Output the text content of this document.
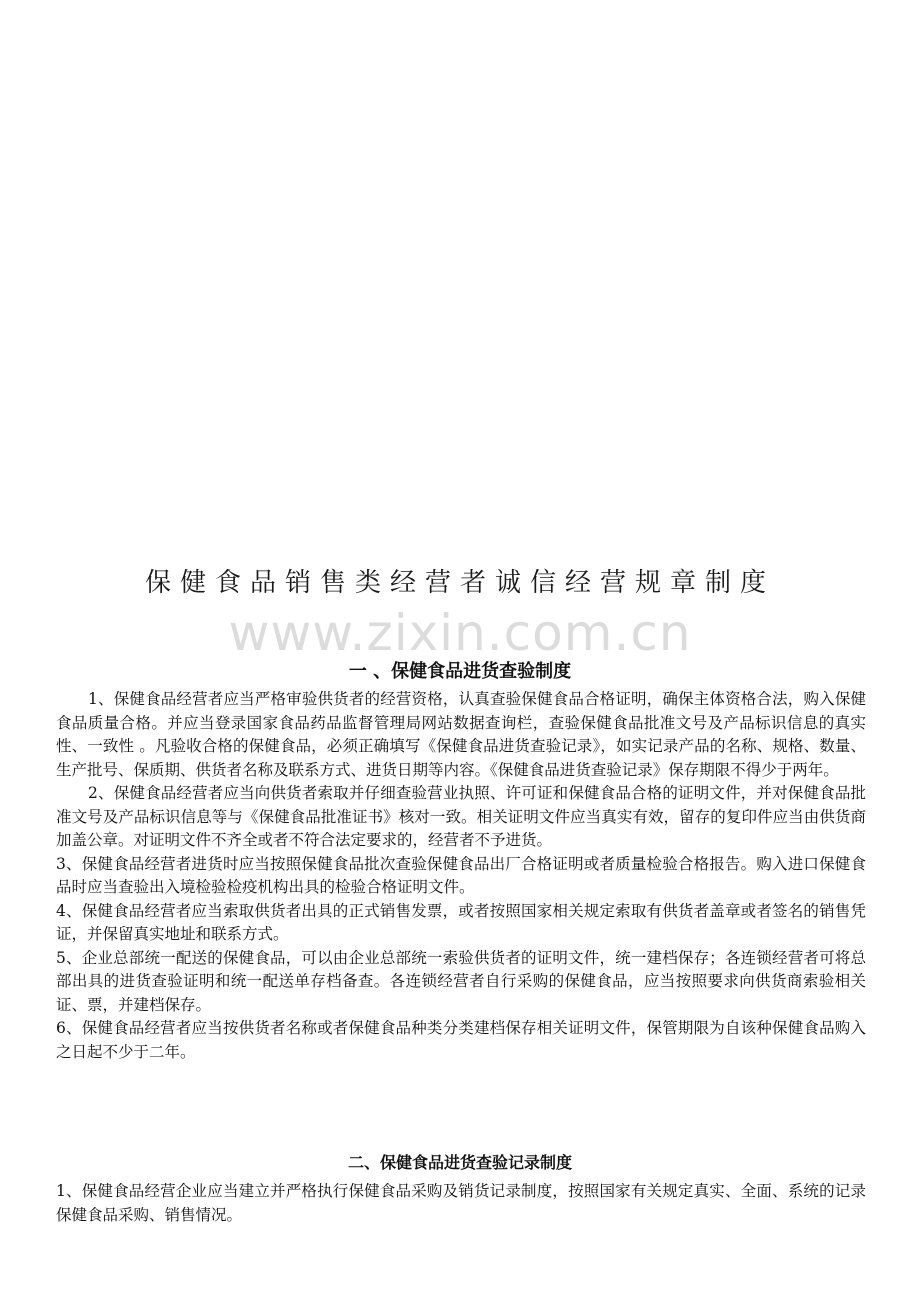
保健食品销售类经营者诚信经营规章制度
www.zixin.com.cn
一 、保健食品进货查验制度

1、保健食品经营者应当严格审验供货者的经营资格，认真查验保健食品合格证明，确保主体资格合法，购入保健食品质量合格。并应当登录国家食品药品监督管理局网站数据查询栏，查验保健食品批准文号及产品标识信息的真实性、一致性 。凡验收合格的保健食品，必须正确填写《保健食品进货查验记录》，如实记录产品的名称、规格、数量、生产批号、保质期、供货者名称及联系方式、进货日期等内容。《保健食品进货查验记录》保存期限不得少于两年。

2、保健食品经营者应当向供货者索取并仔细查验营业执照、许可证和保健食品合格的证明文件，并对保健食品批准文号及产品标识信息等与《保健食品批准证书》核对一致。相关证明文件应当真实有效，留存的复印件应当由供货商加盖公章。对证明文件不齐全或者不符合法定要求的，经营者不予进货。

3、保健食品经营者进货时应当按照保健食品批次查验保健食品出厂合格证明或者质量检验合格报告。购入进口保健食品时应当查验出入境检验检疫机构出具的检验合格证明文件。

4、保健食品经营者应当索取供货者出具的正式销售发票，或者按照国家相关规定索取有供货者盖章或者签名的销售凭证，并保留真实地址和联系方式。

5、企业总部统一配送的保健食品，可以由企业总部统一索验供货者的证明文件，统一建档保存；各连锁经营者可将总部出具的进货查验证明和统一配送单存档备查。各连锁经营者自行采购的保健食品，应当按照要求向供货商索验相关证、票，并建档保存。

6、保健食品经营者应当按供货者名称或者保健食品种类分类建档保存相关证明文件，保管期限为自该种保健食品购入之日起不少于二年。

二、保健食品进货查验记录制度

1、保健食品经营企业应当建立并严格执行保健食品采购及销货记录制度，按照国家有关规定真实、全面、系统的记录保健食品采购、销售情况。
